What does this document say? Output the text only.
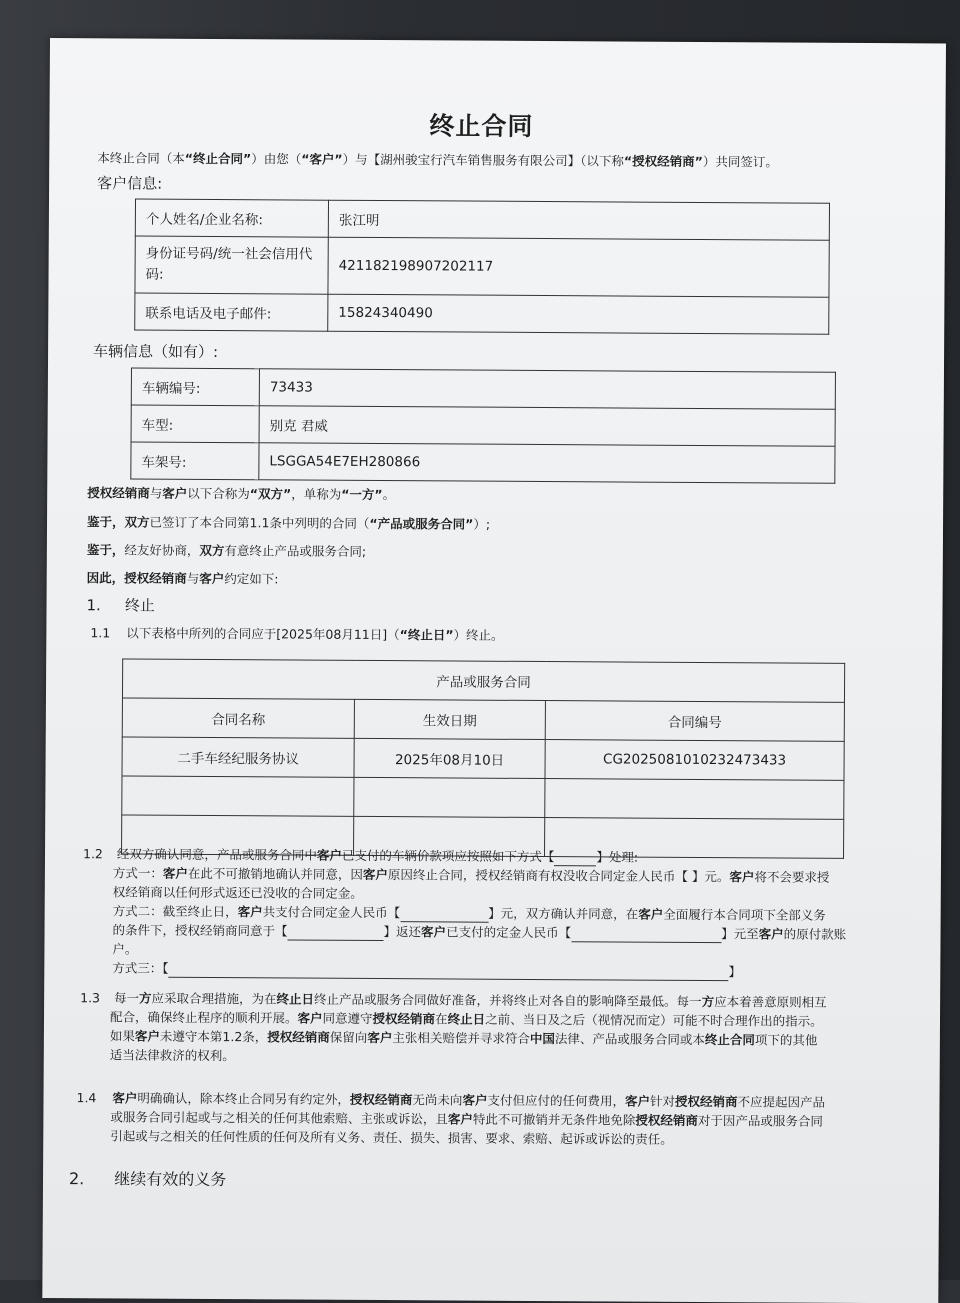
终止合同
本终止合同（本“终止合同”）由您（“客户”）与【湖州骏宝行汽车销售服务有限公司】（以下称“授权经销商”）共同签订。
客户信息:
个人姓名/企业名称:	张江明
身份证号码/统一社会信用代码:	421182198907202117
联系电话及电子邮件:	15824340490
车辆信息（如有）:
车辆编号:	73433
车型:	别克 君威
车架号:	LSGGA54E7EH280866
授权经销商与客户以下合称为“双方”，单称为“一方”。
鉴于，双方已签订了本合同第1.1条中列明的合同（“产品或服务合同”）;
鉴于，经友好协商，双方有意终止产品或服务合同;
因此，授权经销商与客户约定如下:
1. 终止
1.1 以下表格中所列的合同应于[2025年08月11日]（“终止日”）终止。
产品或服务合同		
合同名称	生效日期	合同编号
二手车经纪服务协议	2025年08月10日	CG2025081010232473433

1.2 经双方确认同意，产品或服务合同中客户已支付的车辆价款项应按照如下方式【	】处理:
方式一：客户在此不可撤销地确认并同意，因客户原因终止合同，授权经销商有权没收合同定金人民币【 】元。客户将不会要求授
权经销商以任何形式返还已没收的合同定金。
方式二：截至终止日，客户共支付合同定金人民币【	】元，双方确认并同意，在客户全面履行本合同项下全部义务
的条件下，授权经销商同意于【	】返还客户已支付的定金人民币【	】元至客户的原付款账
户。
方式三：【	】
1.3 每一方应采取合理措施，为在终止日终止产品或服务合同做好准备，并将终止对各自的影响降至最低。每一方应本着善意原则相互
配合，确保终止程序的顺利开展。客户同意遵守授权经销商在终止日之前、当日及之后（视情况而定）可能不时合理作出的指示。
如果客户未遵守本第1.2条，授权经销商保留向客户主张相关赔偿并寻求符合中国法律、产品或服务合同或本终止合同项下的其他
适当法律救济的权利。
1.4 客户明确确认，除本终止合同另有约定外，授权经销商无尚未向客户支付但应付的任何费用，客户针对授权经销商不应提起因产品
或服务合同引起或与之相关的任何其他索赔、主张或诉讼，且客户特此不可撤销并无条件地免除授权经销商对于因产品或服务合同
引起或与之相关的任何性质的任何及所有义务、责任、损失、损害、要求、索赔、起诉或诉讼的责任。
2. 继续有效的义务
